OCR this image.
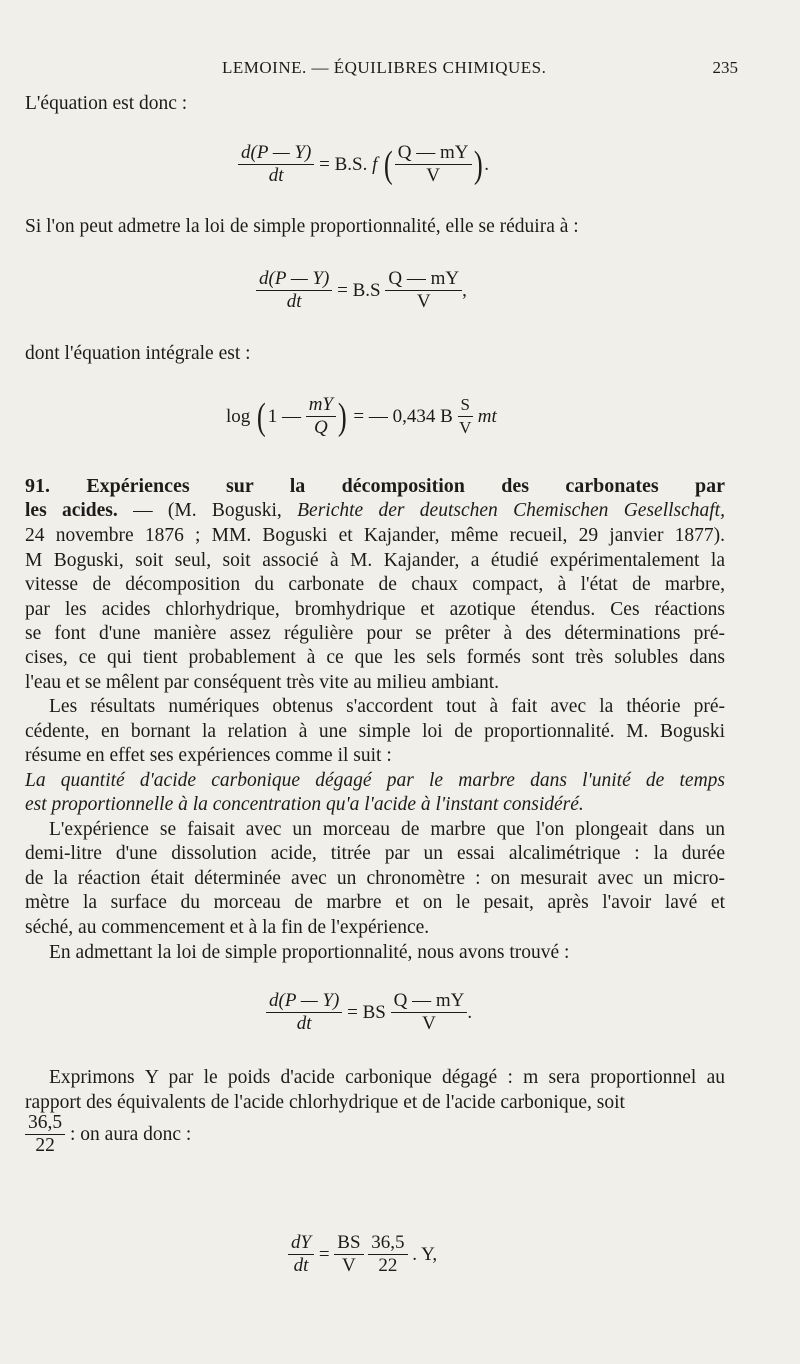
LEMOINE. — ÉQUILIBRES CHIMIQUES.	235
L'équation est donc :
$\frac{d(P — \Upsilon)}{dt} = B.S$. f ( $\frac{Q — m\Upsilon}{V}$ ).
Si l'on peut admetre la loi de simple proportionnalité, elle se réduira à :
$\frac{d(P — \Upsilon)}{dt} = B.S \frac{Q — m\Upsilon}{V}$ ,
dont l'équation intégrale est :
log (1 — $\frac{m\Upsilon}{Q}$ ) = — 0,434 B $\frac{S}{V}$ mt
91. Expériences sur la décomposition des carbonates par
les acides. — (M. Boguski, Berichte der deutschen Chemischen Gesellschaft,
24 novembre 1876 ; MM. Boguski et Kajander, même recueil, 29 janvier 1877).
M Boguski, soit seul, soit associé à M. Kajander, a étudié expérimentalement la
vitesse de décomposition du carbonate de chaux compact, à l'état de marbre,
par les acides chlorhydrique, bromhydrique et azotique étendus. Ces réactions
se font d'une manière assez régulière pour se prêter à des déterminations pré-
cises, ce qui tient probablement à ce que les sels formés sont très solubles dans
l'eau et se mêlent par conséquent très vite au milieu ambiant.
Les résultats numériques obtenus s'accordent tout à fait avec la théorie pré-
cédente, en bornant la relation à une simple loi de proportionnalité. M. Boguski
résume en effet ses expériences comme il suit :
La quantité d'acide carbonique dégagé par le marbre dans l'unité de temps
est proportionnelle à la concentration qu'a l'acide à l'instant considéré.
L'expérience se faisait avec un morceau de marbre que l'on plongeait dans un
demi-litre d'une dissolution acide, titrée par un essai alcalimétrique : la durée
de la réaction était déterminée avec un chronomètre : on mesurait avec un micro-
mètre la surface du morceau de marbre et on le pesait, après l'avoir lavé et
séché, au commencement et à la fin de l'expérience.
En admettant la loi de simple proportionnalité, nous avons trouvé :
$\frac{d(P — \Upsilon)}{dt}$ = BS $\frac{Q — m\Upsilon}{V}$ .
Exprimons Υ par le poids d'acide carbonique dégagé : m sera proportionnel au
rapport des équivalents de l'acide chlorhydrique et de l'acide carbonique, soit
$\frac{36,5}{22}$ : on aura donc :
$\frac{d\Upsilon}{dt} = \frac{BS}{V}$
$\frac{36,5}{22}$ . Υ,
